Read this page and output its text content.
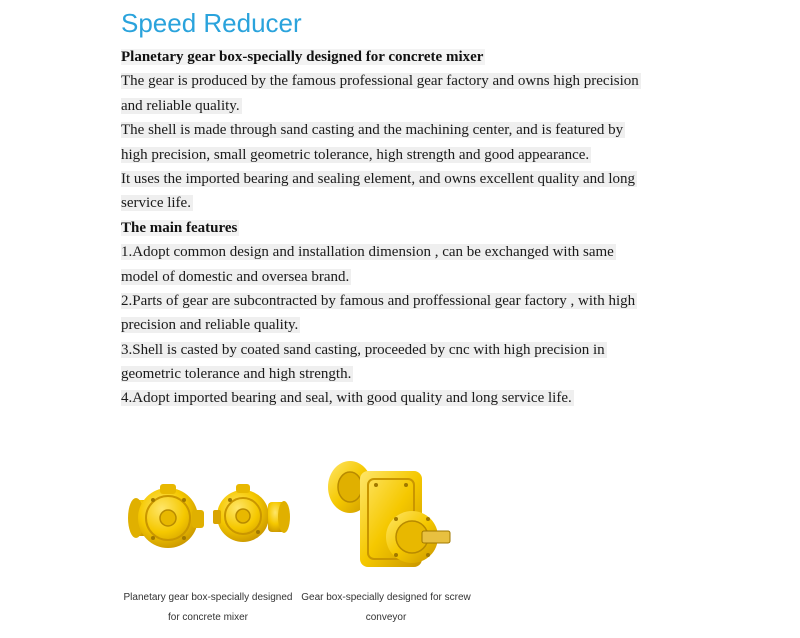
Speed Reducer
Planetary gear box-specially designed for concrete mixer
The gear is produced by the famous professional gear factory and owns high precision
and reliable quality.
The shell is made through sand casting and the machining center, and is featured by
high precision, small geometric tolerance, high strength and good appearance.
It uses the imported bearing and sealing element, and owns excellent quality and long
service life.
The main features
1.Adopt common design and installation dimension , can be exchanged with same
model of domestic and oversea brand.
2.Parts of gear are subcontracted by famous and proffessional gear factory , with high
precision and reliable quality.
3.Shell is casted by coated sand casting, proceeded by cnc with high precision in
geometric tolerance and high strength.
4.Adopt imported bearing and seal, with good quality and long service life.
Planetary gear box-specially designed
for concrete mixer
Gear box-specially designed for screw
conveyor
